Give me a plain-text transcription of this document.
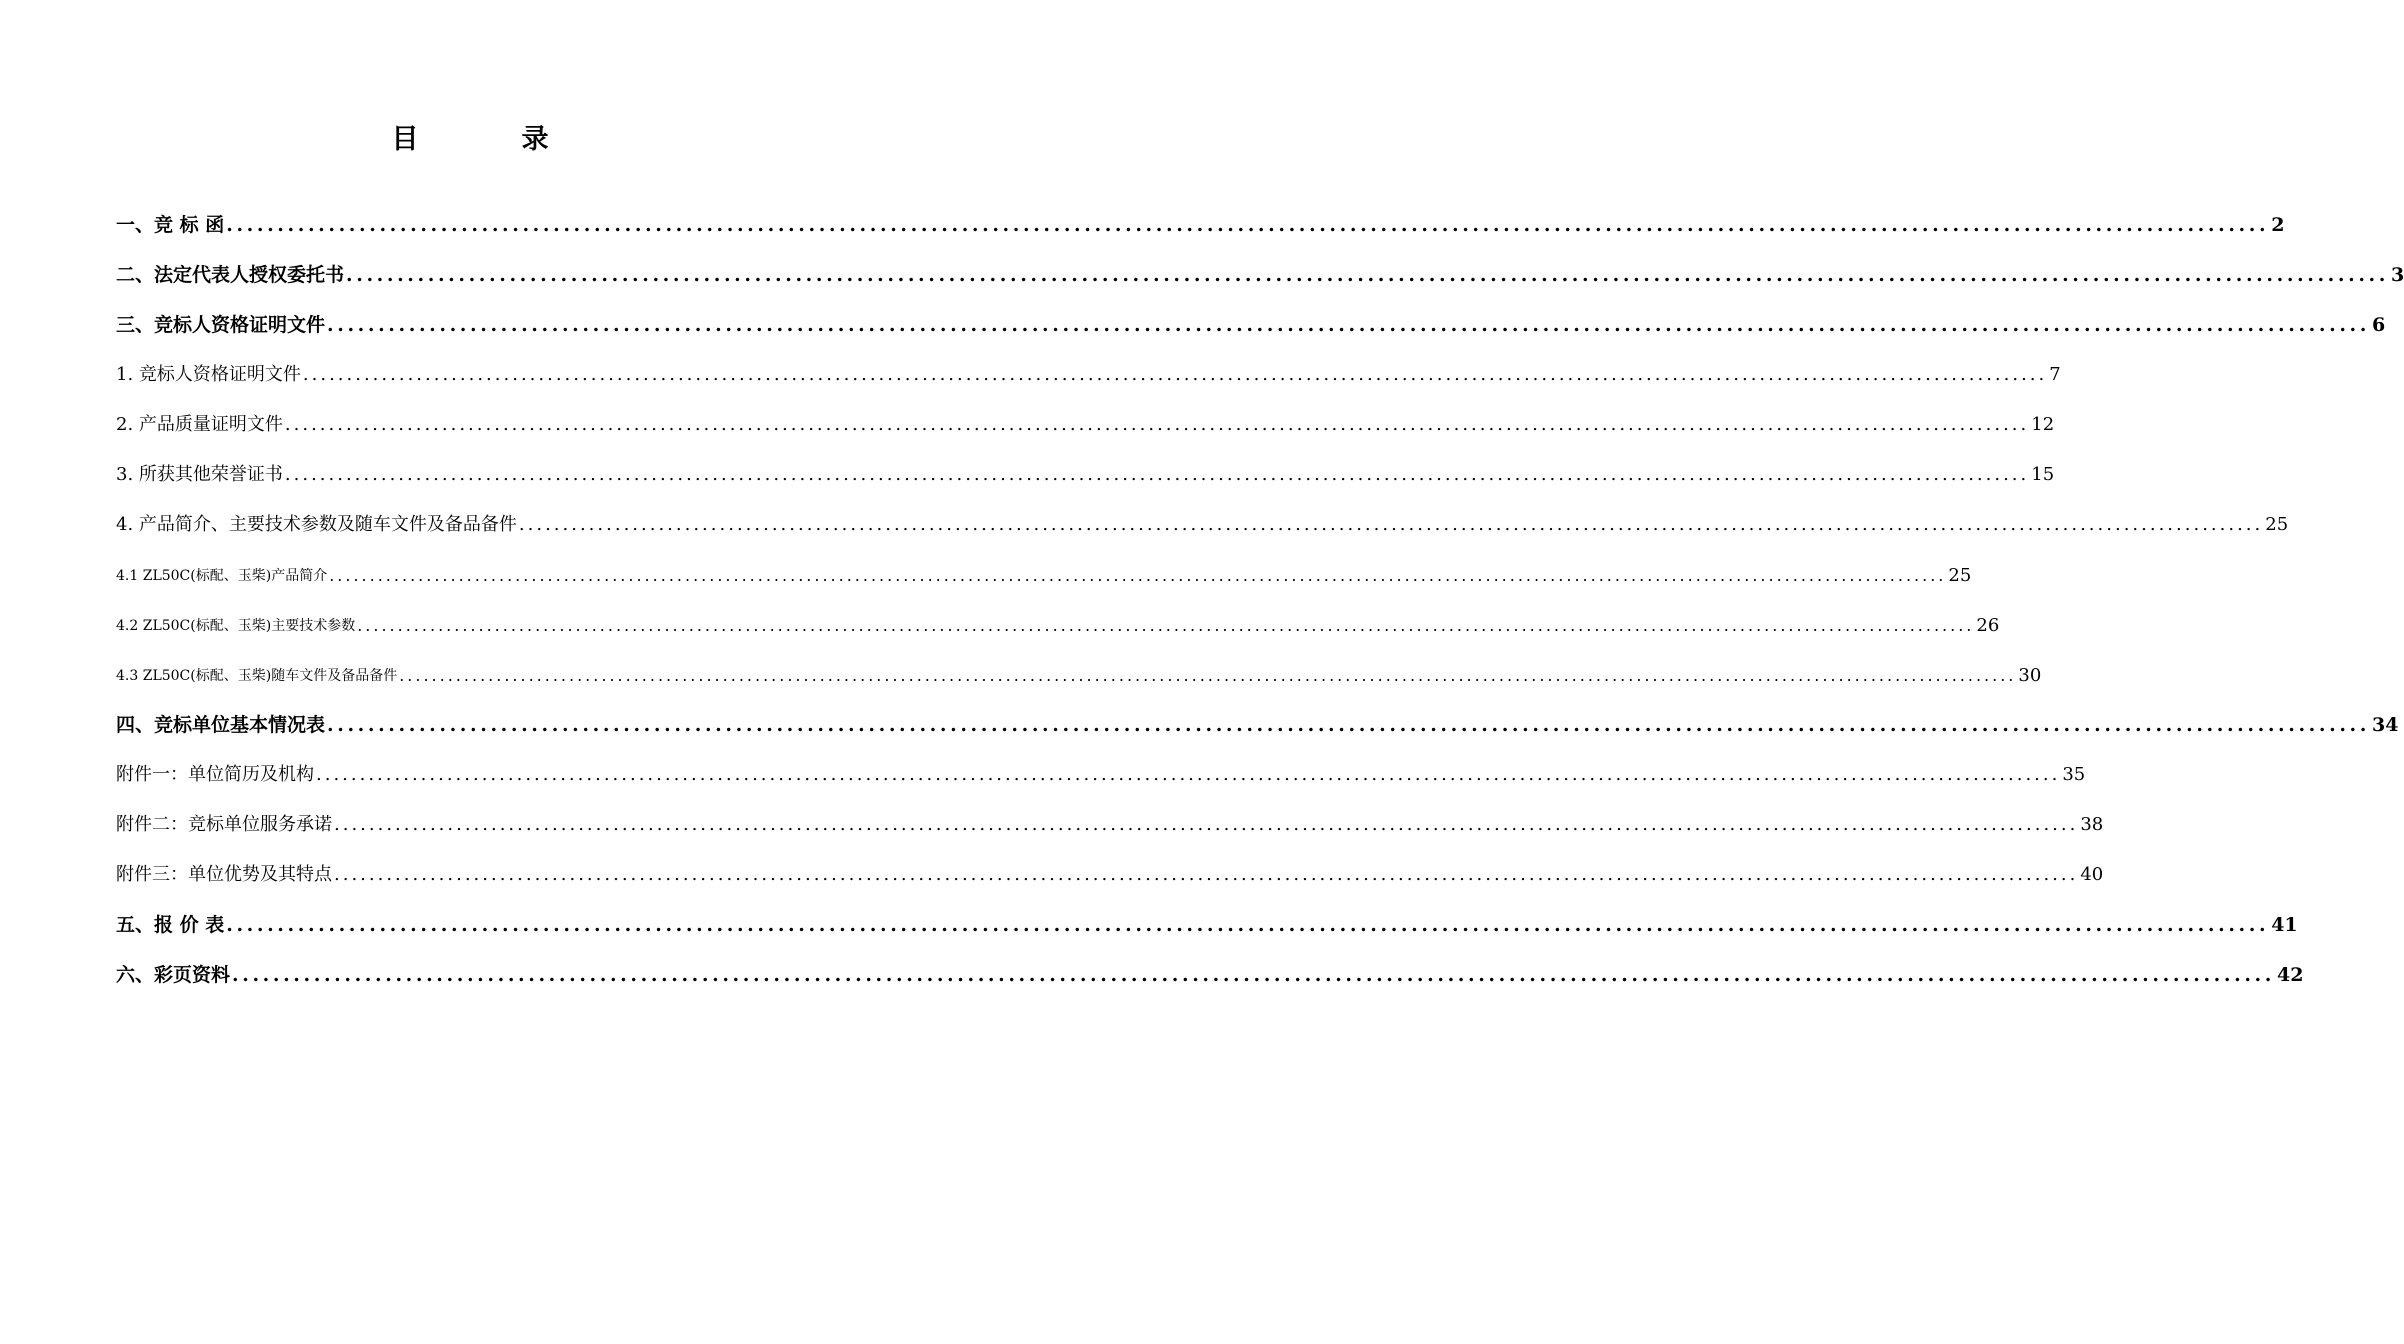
目　录
一、竞 标 函 ........................................................................................................................................................................................................ 2
二、法定代表人授权委托书 ........................................................................................................................................................................................................ 3
三、竞标人资格证明文件 ........................................................................................................................................................................................................ 6
1. 竞标人资格证明文件 ........................................................................................................................................................................................................ 7
2. 产品质量证明文件 ........................................................................................................................................................................................................ 12
3. 所获其他荣誉证书 ........................................................................................................................................................................................................ 15
4. 产品简介、主要技术参数及随车文件及备品备件 ........................................................................................................................................................................................................ 25
4.1 ZL50C(标配、玉柴)产品简介 ........................................................................................................................................................................................................ 25
4.2 ZL50C(标配、玉柴)主要技术参数 ........................................................................................................................................................................................................ 26
4.3 ZL50C(标配、玉柴)随车文件及备品备件 ........................................................................................................................................................................................................ 30
四、竞标单位基本情况表 ........................................................................................................................................................................................................ 34
附件一：单位简历及机构 ........................................................................................................................................................................................................ 35
附件二：竞标单位服务承诺 ........................................................................................................................................................................................................ 38
附件三：单位优势及其特点 ........................................................................................................................................................................................................ 40
五、报 价 表 ........................................................................................................................................................................................................ 41
六、彩页资料 ........................................................................................................................................................................................................ 42
